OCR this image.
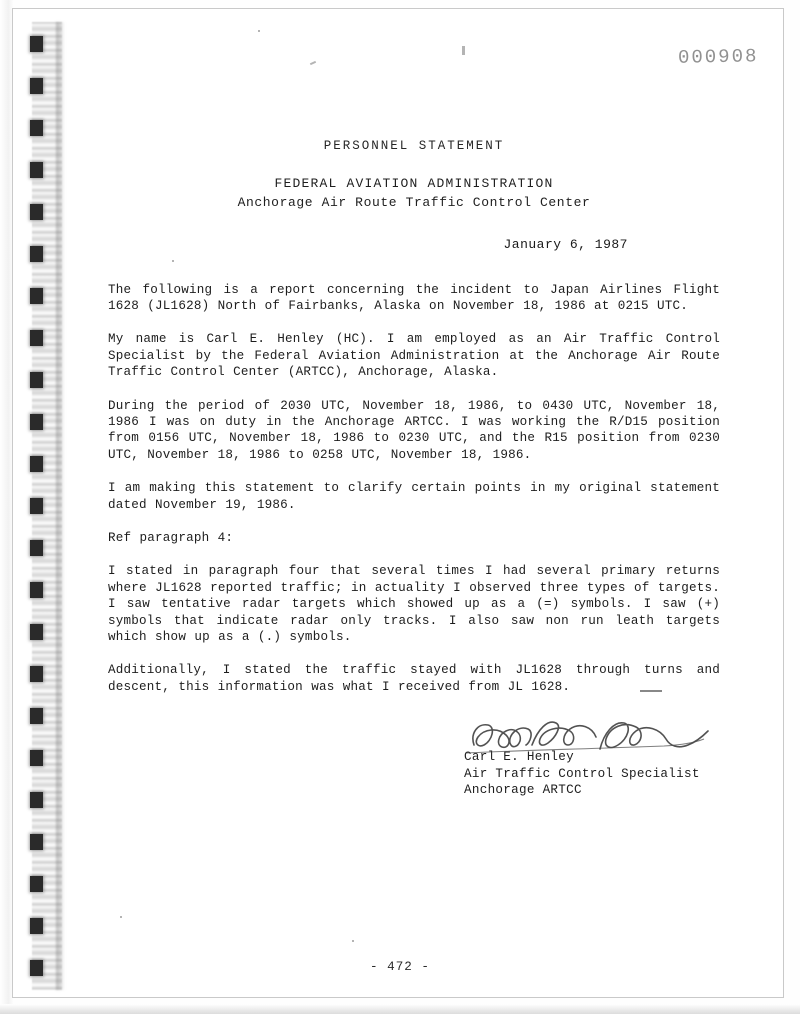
000908
PERSONNEL STATEMENT
FEDERAL AVIATION ADMINISTRATION
Anchorage Air Route Traffic Control Center
January 6, 1987

The following is a report concerning the incident to Japan Airlines Flight 1628 (JL1628) North of Fairbanks, Alaska on November 18, 1986 at 0215 UTC.

My name is Carl E. Henley (HC). I am employed as an Air Traffic Control Specialist by the Federal Aviation Administration at the Anchorage Air Route Traffic Control Center (ARTCC), Anchorage, Alaska.

During the period of 2030 UTC, November 18, 1986, to 0430 UTC, November 18, 1986 I was on duty in the Anchorage ARTCC. I was working the R/D15 position from 0156 UTC, November 18, 1986 to 0230 UTC, and the R15 position from 0230 UTC, November 18, 1986 to 0258 UTC, November 18, 1986.

I am making this statement to clarify certain points in my original statement dated November 19, 1986.

Ref paragraph 4:

I stated in paragraph four that several times I had several primary returns where JL1628 reported traffic; in actuality I observed three types of targets. I saw tentative radar targets which showed up as a (=) symbols. I saw (+) symbols that indicate radar only tracks. I also saw non run leath targets which show up as a (.) symbols.

Additionally, I stated the traffic stayed with JL1628 through turns and descent, this information was what I received from JL 1628.

Carl E. Henley
Air Traffic Control Specialist
Anchorage ARTCC
- 472 -
